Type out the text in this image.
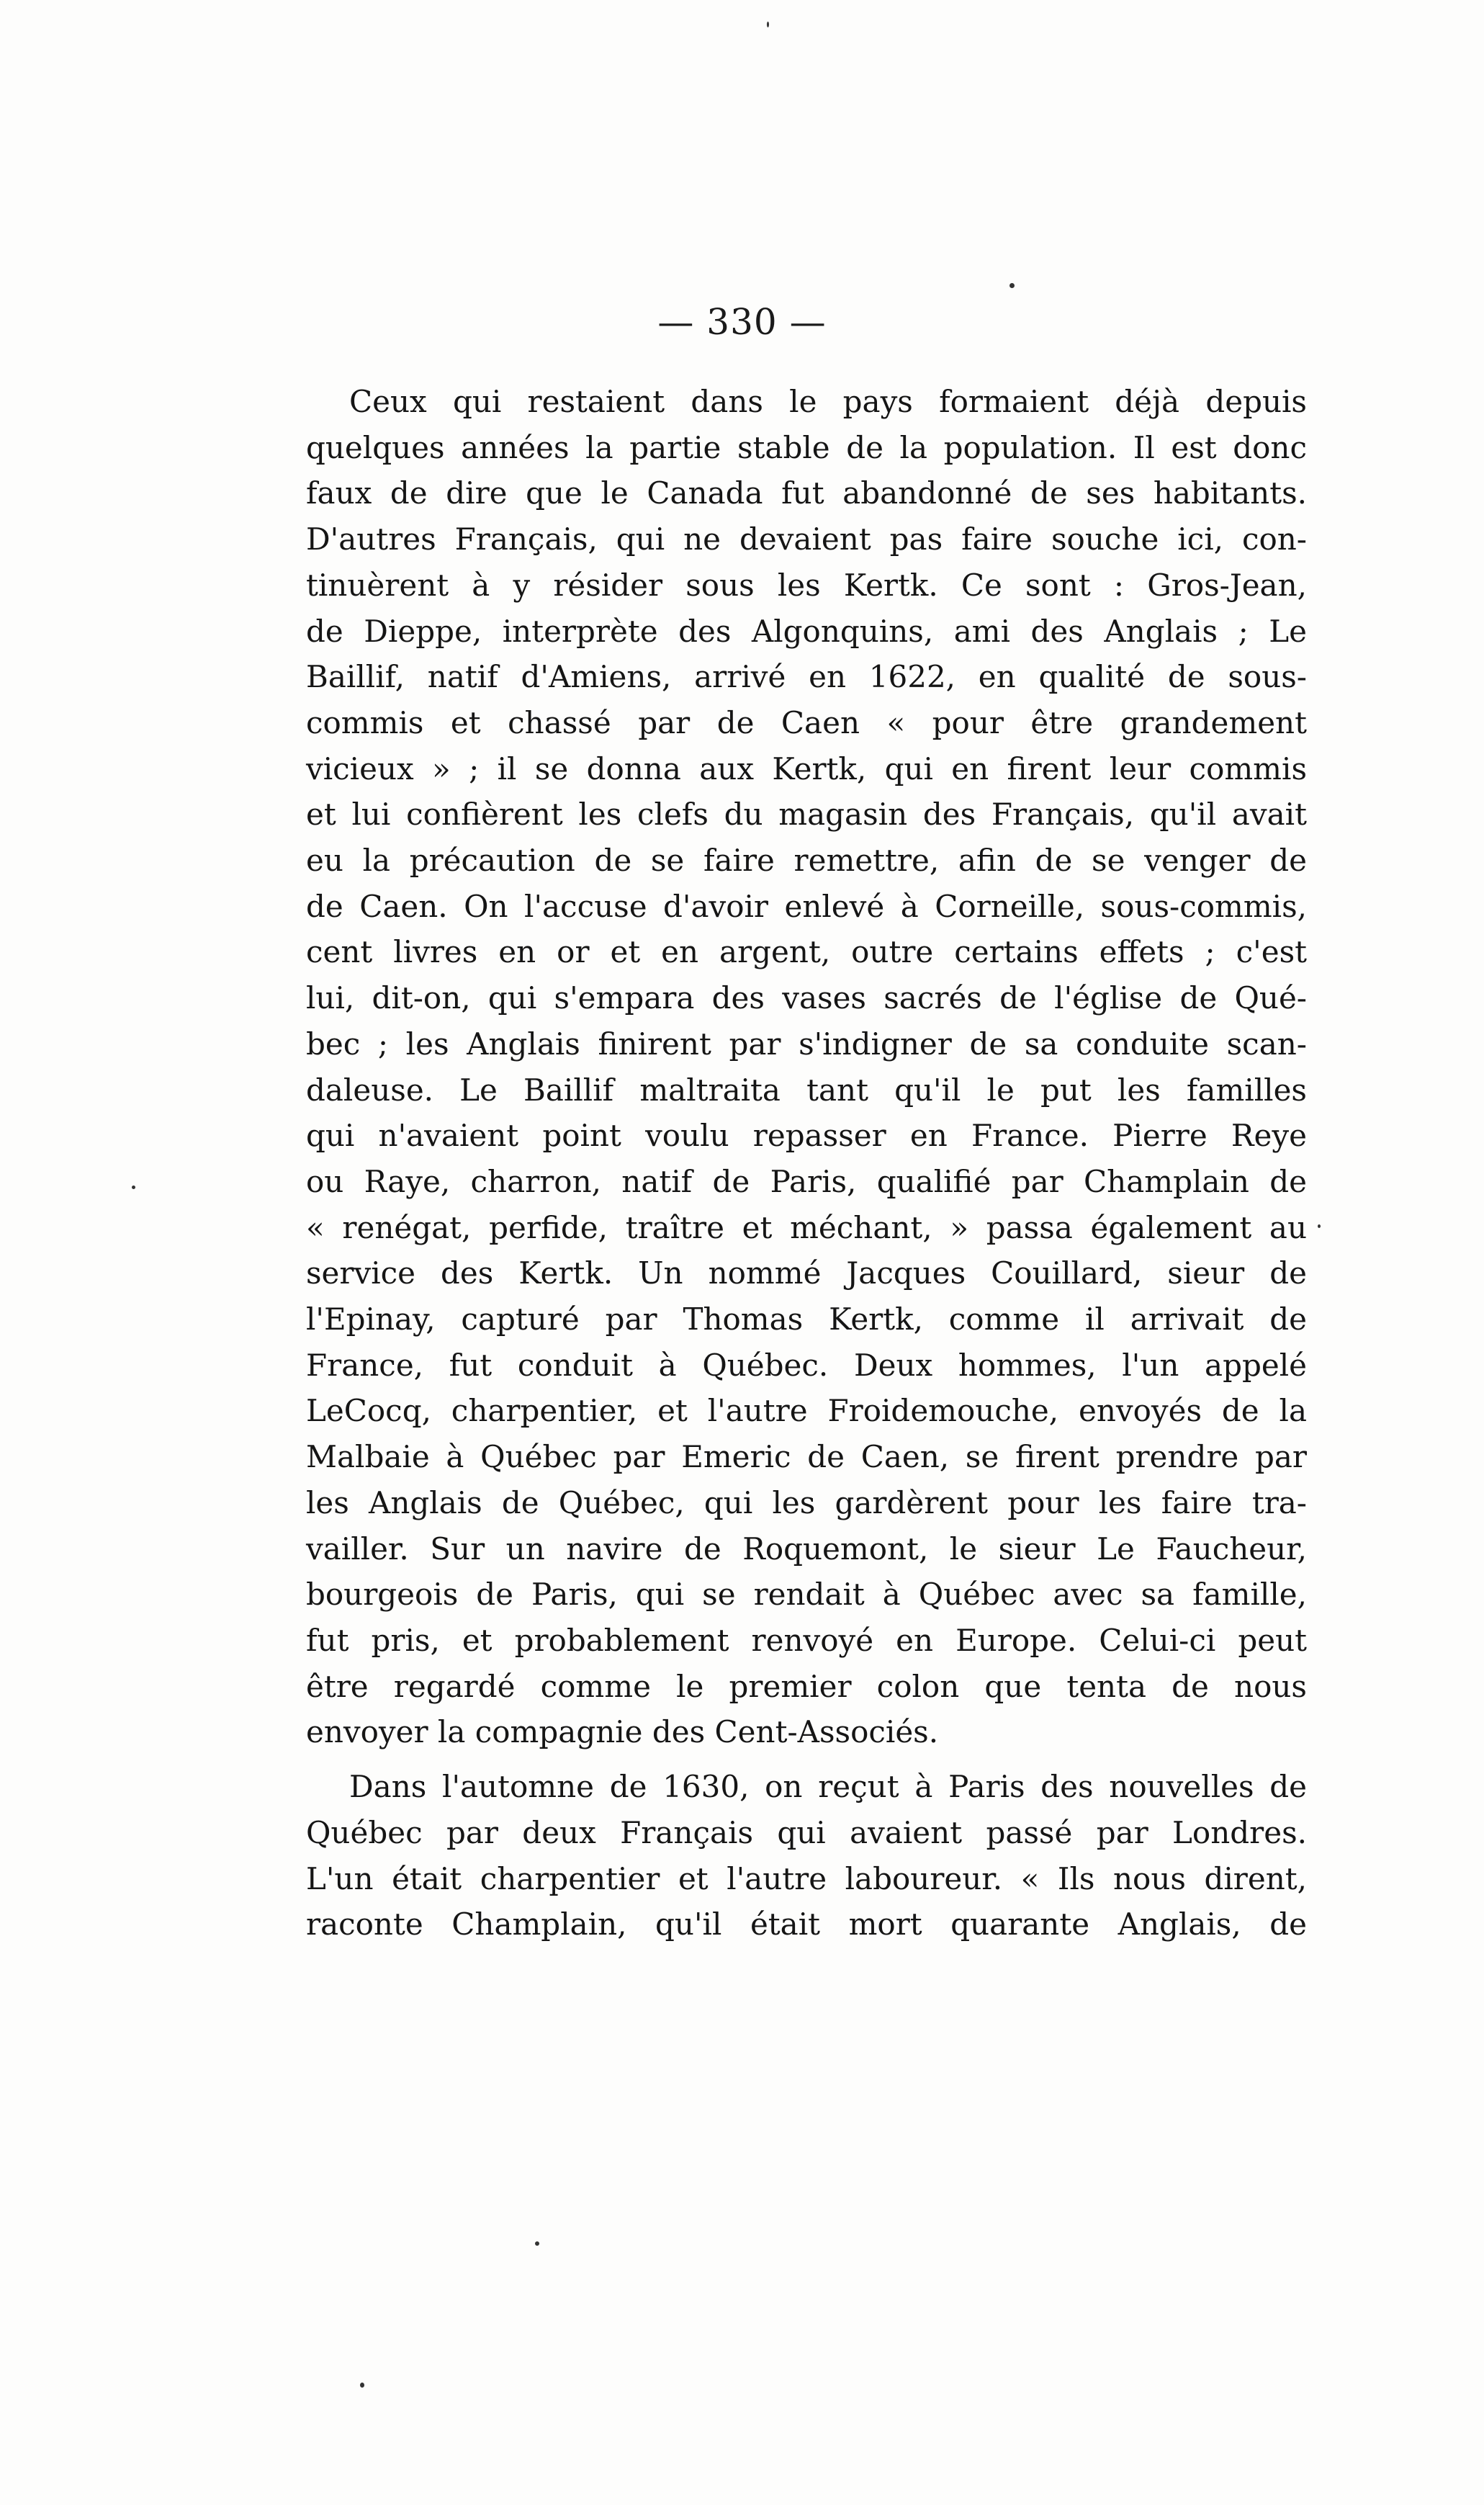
— 330 —
Ceux qui restaient dans le pays formaient déjà depuis
quelques années la partie stable de la population. Il est donc
faux de dire que le Canada fut abandonné de ses habitants.
D'autres Français, qui ne devaient pas faire souche ici, con-
tinuèrent à y résider sous les Kertk. Ce sont : Gros-Jean,
de Dieppe, interprète des Algonquins, ami des Anglais ; Le
Baillif, natif d'Amiens, arrivé en 1622, en qualité de sous-
commis et chassé par de Caen « pour être grandement
vicieux » ; il se donna aux Kertk, qui en firent leur commis
et lui confièrent les clefs du magasin des Français, qu'il avait
eu la précaution de se faire remettre, afin de se venger de
de Caen. On l'accuse d'avoir enlevé à Corneille, sous-commis,
cent livres en or et en argent, outre certains effets ; c'est
lui, dit-on, qui s'empara des vases sacrés de l'église de Qué-
bec ; les Anglais finirent par s'indigner de sa conduite scan-
daleuse. Le Baillif maltraita tant qu'il le put les familles
qui n'avaient point voulu repasser en France. Pierre Reye
ou Raye, charron, natif de Paris, qualifié par Champlain de
« renégat, perfide, traître et méchant, » passa également au
service des Kertk. Un nommé Jacques Couillard, sieur de
l'Epinay, capturé par Thomas Kertk, comme il arrivait de
France, fut conduit à Québec. Deux hommes, l'un appelé
LeCocq, charpentier, et l'autre Froidemouche, envoyés de la
Malbaie à Québec par Emeric de Caen, se firent prendre par
les Anglais de Québec, qui les gardèrent pour les faire tra-
vailler. Sur un navire de Roquemont, le sieur Le Faucheur,
bourgeois de Paris, qui se rendait à Québec avec sa famille,
fut pris, et probablement renvoyé en Europe. Celui-ci peut
être regardé comme le premier colon que tenta de nous
envoyer la compagnie des Cent-Associés.
Dans l'automne de 1630, on reçut à Paris des nouvelles de
Québec par deux Français qui avaient passé par Londres.
L'un était charpentier et l'autre laboureur. « Ils nous dirent,
raconte Champlain, qu'il était mort quarante Anglais, de
